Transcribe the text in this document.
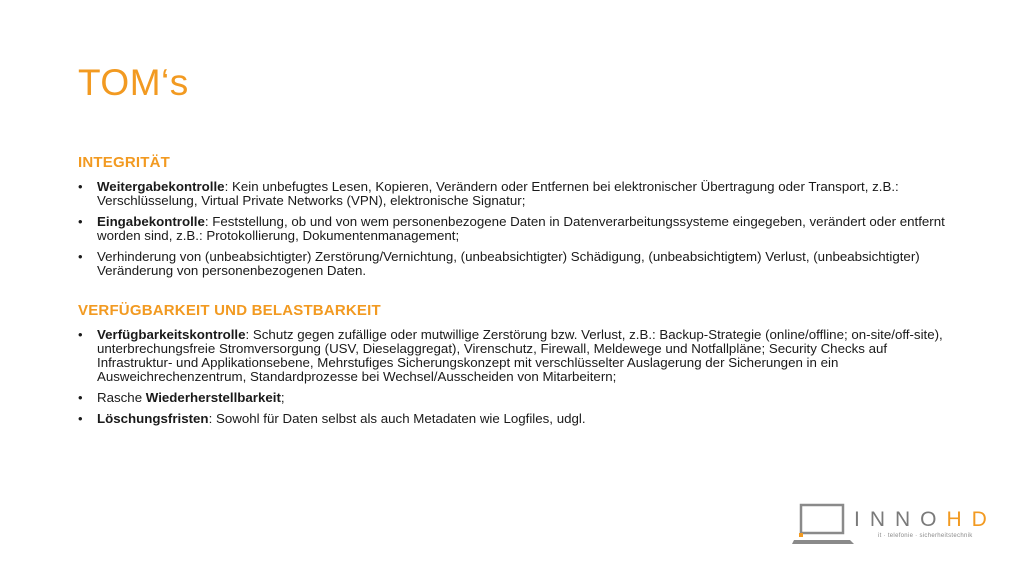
TOM‘s
INTEGRITÄT
• Weitergabekontrolle: Kein unbefugtes Lesen, Kopieren, Verändern oder Entfernen bei elektronischer Übertragung oder Transport, z.B.: Verschlüsselung, Virtual Private Networks (VPN), elektronische Signatur;
• Eingabekontrolle: Feststellung, ob und von wem personenbezogene Daten in Datenverarbeitungssysteme eingegeben, verändert oder entfernt worden sind, z.B.: Protokollierung, Dokumentenmanagement;
• Verhinderung von (unbeabsichtigter) Zerstörung/Vernichtung, (unbeabsichtigter) Schädigung, (unbeabsichtigtem) Verlust, (unbeabsichtigter) Veränderung von personenbezogenen Daten.
VERFÜGBARKEIT UND BELASTBARKEIT
• Verfügbarkeitskontrolle: Schutz gegen zufällige oder mutwillige Zerstörung bzw. Verlust, z.B.: Backup-Strategie (online/offline; on-site/off-site), unterbrechungsfreie Stromversorgung (USV, Dieselaggregat), Virenschutz, Firewall, Meldewege und Notfallpläne; Security Checks auf Infrastruktur- und Applikationsebene, Mehrstufiges Sicherungskonzept mit verschlüsselter Auslagerung der Sicherungen in ein Ausweichrechenzentrum, Standardprozesse bei Wechsel/Ausscheiden von Mitarbeitern;
• Rasche Wiederherstellbarkeit;
• Löschungsfristen: Sowohl für Daten selbst als auch Metadaten wie Logfiles, udgl.
INNOHD
it · telefonie · sicherheitstechnik
